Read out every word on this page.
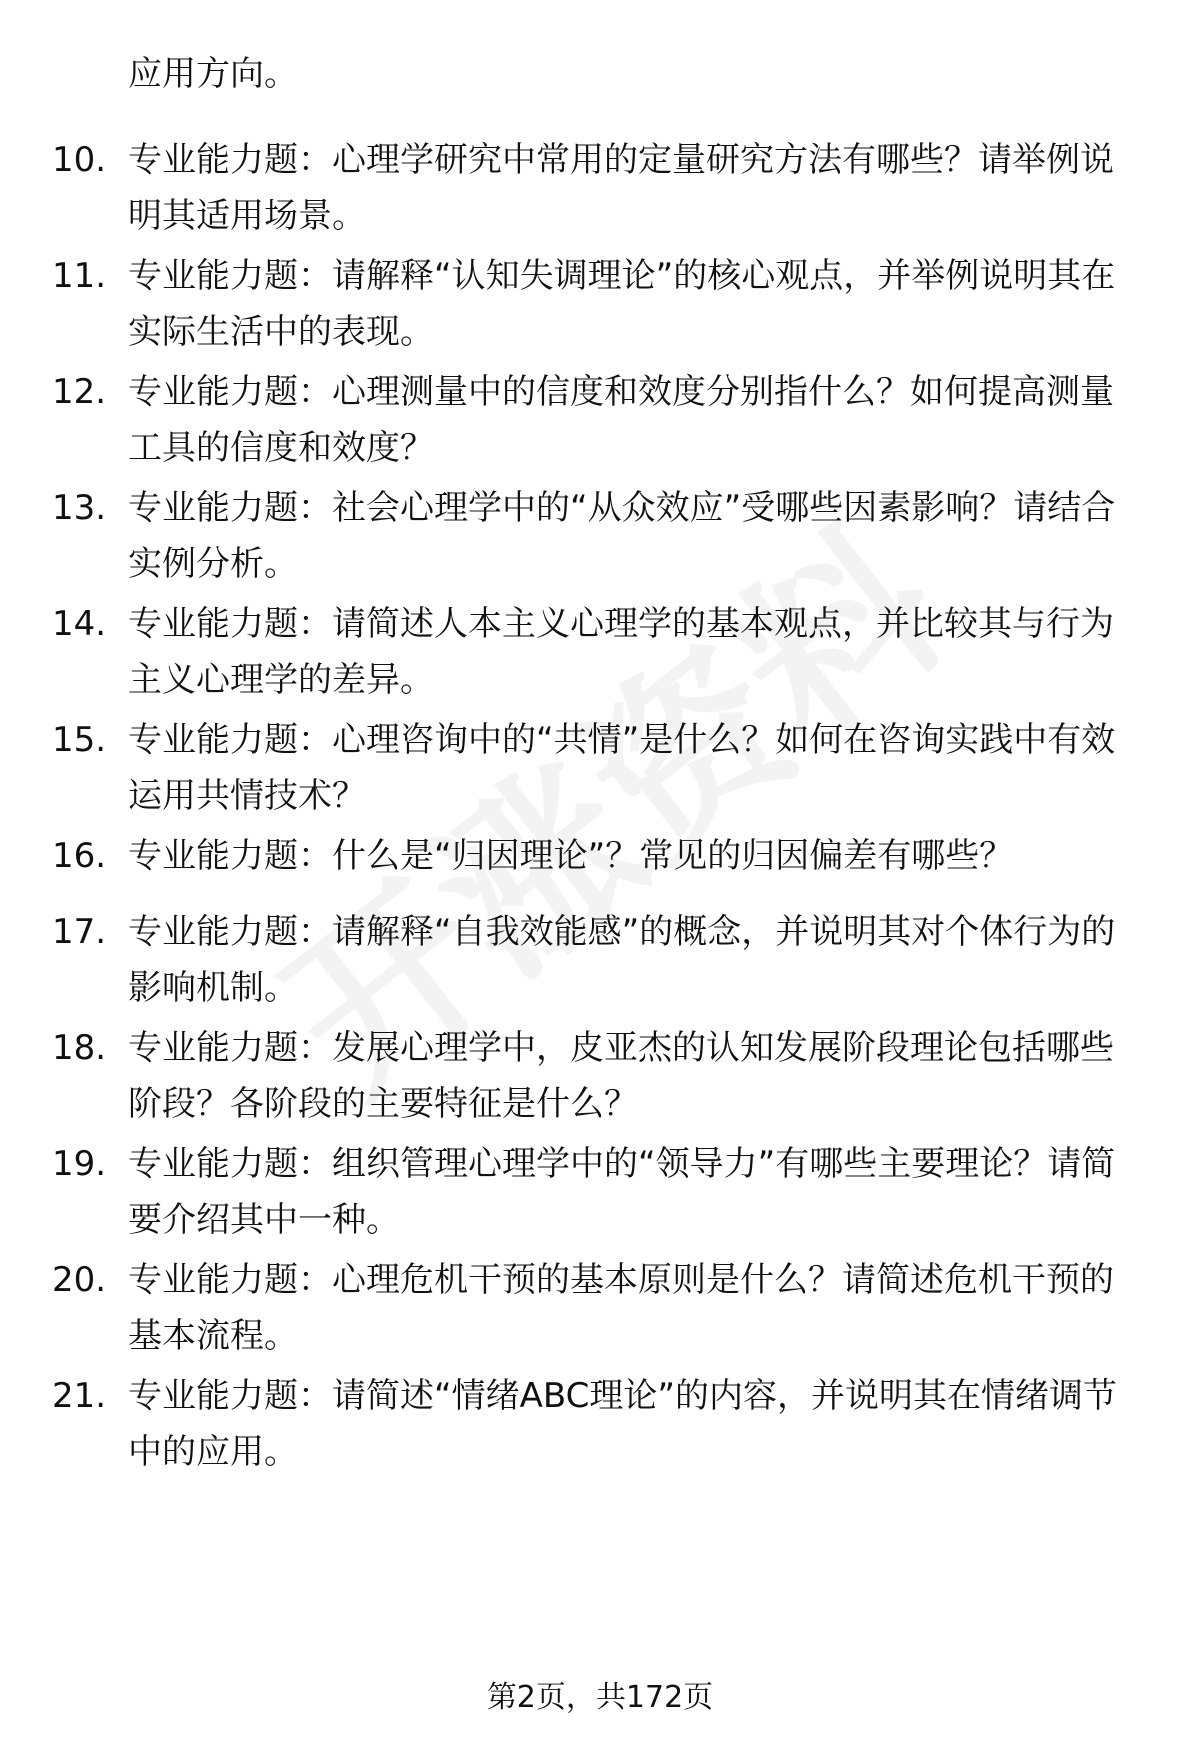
应用方向。
10. 专业能力题：心理学研究中常用的定量研究方法有哪些？请举例说明其适用场景。
11. 专业能力题：请解释“认知失调理论”的核心观点，并举例说明其在实际生活中的表现。
12. 专业能力题：心理测量中的信度和效度分别指什么？如何提高测量工具的信度和效度？
13. 专业能力题：社会心理学中的“从众效应”受哪些因素影响？请结合实例分析。
14. 专业能力题：请简述人本主义心理学的基本观点，并比较其与行为主义心理学的差异。
15. 专业能力题：心理咨询中的“共情”是什么？如何在咨询实践中有效运用共情技术？
16. 专业能力题：什么是“归因理论”？常见的归因偏差有哪些？
17. 专业能力题：请解释“自我效能感”的概念，并说明其对个体行为的影响机制。
18. 专业能力题：发展心理学中，皮亚杰的认知发展阶段理论包括哪些阶段？各阶段的主要特征是什么？
19. 专业能力题：组织管理心理学中的“领导力”有哪些主要理论？请简要介绍其中一种。
20. 专业能力题：心理危机干预的基本原则是什么？请简述危机干预的基本流程。
21. 专业能力题：请简述“情绪ABC理论”的内容，并说明其在情绪调节中的应用。
第2页，共172页
